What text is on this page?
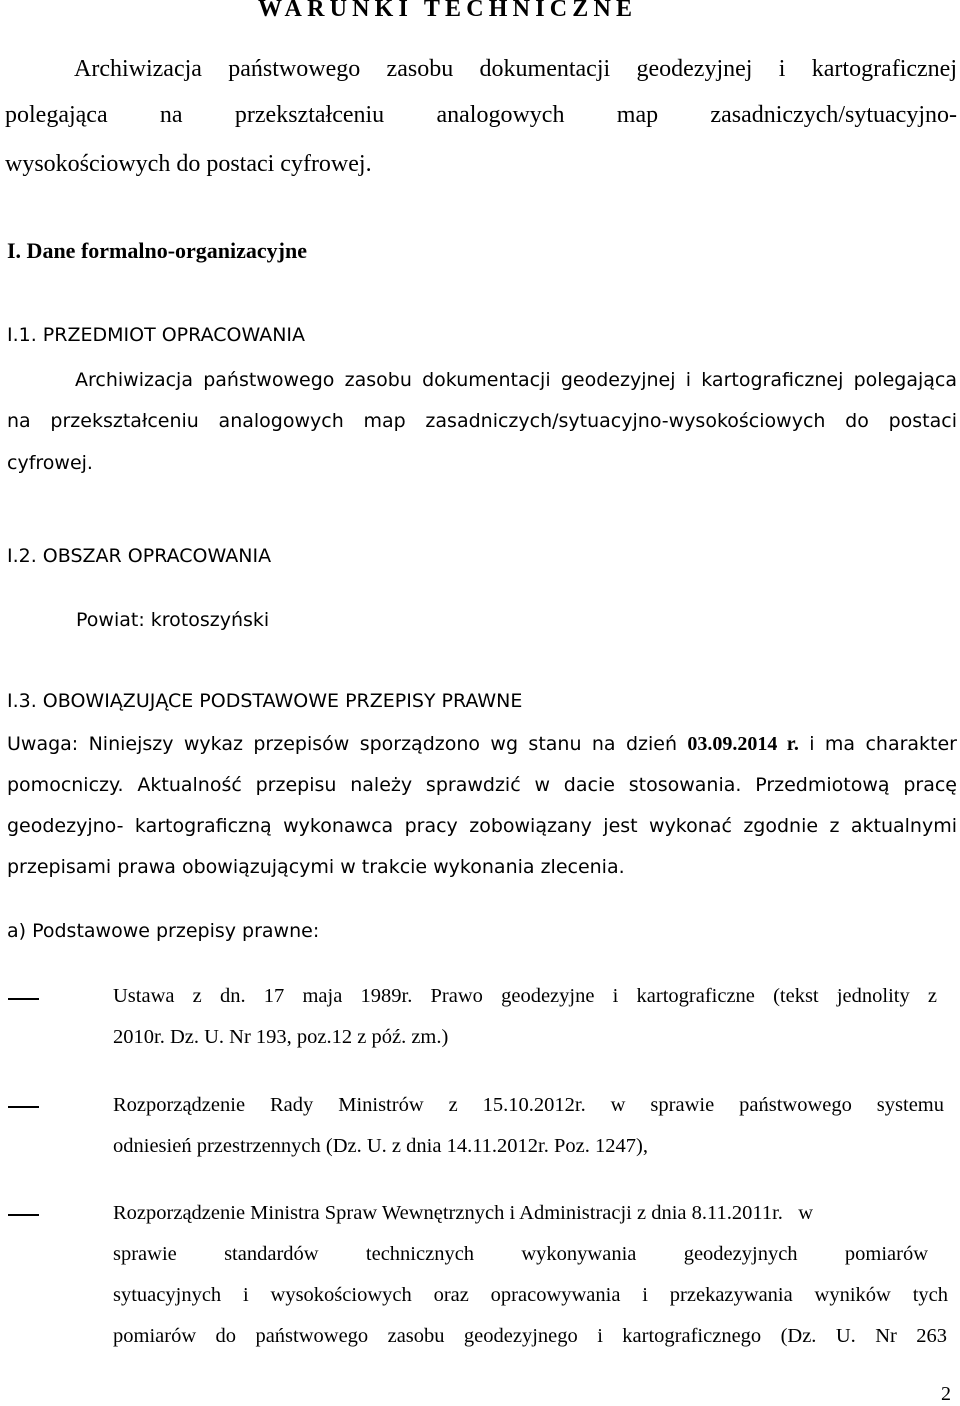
WARUNKI TECHNICZNE
Archiwizacja państwowego zasobu dokumentacji geodezyjnej i kartograficznej
polegająca na przekształceniu analogowych map zasadniczych/sytuacyjno-
wysokościowych do postaci cyfrowej.
I. Dane formalno-organizacyjne
I.1. PRZEDMIOT OPRACOWANIA
Archiwizacja państwowego zasobu dokumentacji geodezyjnej i kartograficznej polegająca
na przekształceniu analogowych map zasadniczych/sytuacyjno-wysokościowych do postaci
cyfrowej.
I.2. OBSZAR OPRACOWANIA
Powiat: krotoszyński
I.3. OBOWIĄZUJĄCE PODSTAWOWE PRZEPISY PRAWNE
Uwaga: Niniejszy wykaz przepisów sporządzono wg stanu na dzień 03.09.2014 r. i ma charakter
pomocniczy. Aktualność przepisu należy sprawdzić w dacie stosowania. Przedmiotową pracę
geodezyjno- kartograficzną wykonawca pracy zobowiązany jest wykonać zgodnie z aktualnymi
przepisami prawa obowiązującymi w trakcie wykonania zlecenia.
a) Podstawowe przepisy prawne:
Ustawa z dn. 17 maja 1989r. Prawo geodezyjne i kartograficzne (tekst jednolity z
2010r. Dz. U. Nr 193, poz.12 z póź. zm.)
Rozporządzenie Rady Ministrów z 15.10.2012r. w sprawie państwowego systemu
odniesień przestrzennych (Dz. U. z dnia 14.11.2012r. Poz. 1247),
Rozporządzenie Ministra Spraw Wewnętrznych i Administracji z dnia 8.11.2011r.   w
sprawie standardów technicznych wykonywania geodezyjnych pomiarów
sytuacyjnych i wysokościowych oraz opracowywania i przekazywania wyników tych
pomiarów do państwowego zasobu geodezyjnego i kartograficznego (Dz. U. Nr 263
2
